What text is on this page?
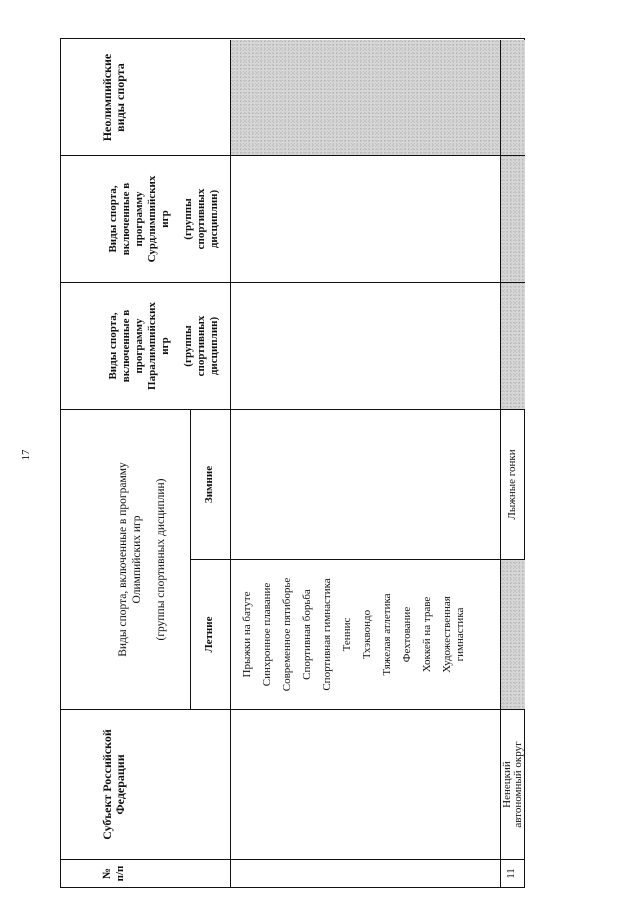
17
№ п/п
Субъект Российской Федерации
Виды спорта, включенные в программу Олимпийских игр (группы спортивных дисциплин)	Летние
Зимние
Виды спорта, включенные в программу Паралимпийских игр (группы спортивных дисциплин)
Виды спорта, включенные в программу Сурдлимпийских игр (группы спортивных дисциплин)
Неолимпийские виды спорта
Прыжки на батуте Синхронное плавание Современное пятиборье Спортивная борьба Спортивная гимнастика Теннис Тхэквондо Тяжелая атлетика Фехтование Хоккей на траве Художественная гимнастика
11
Ненецкий автономный округ
Лыжные гонки
